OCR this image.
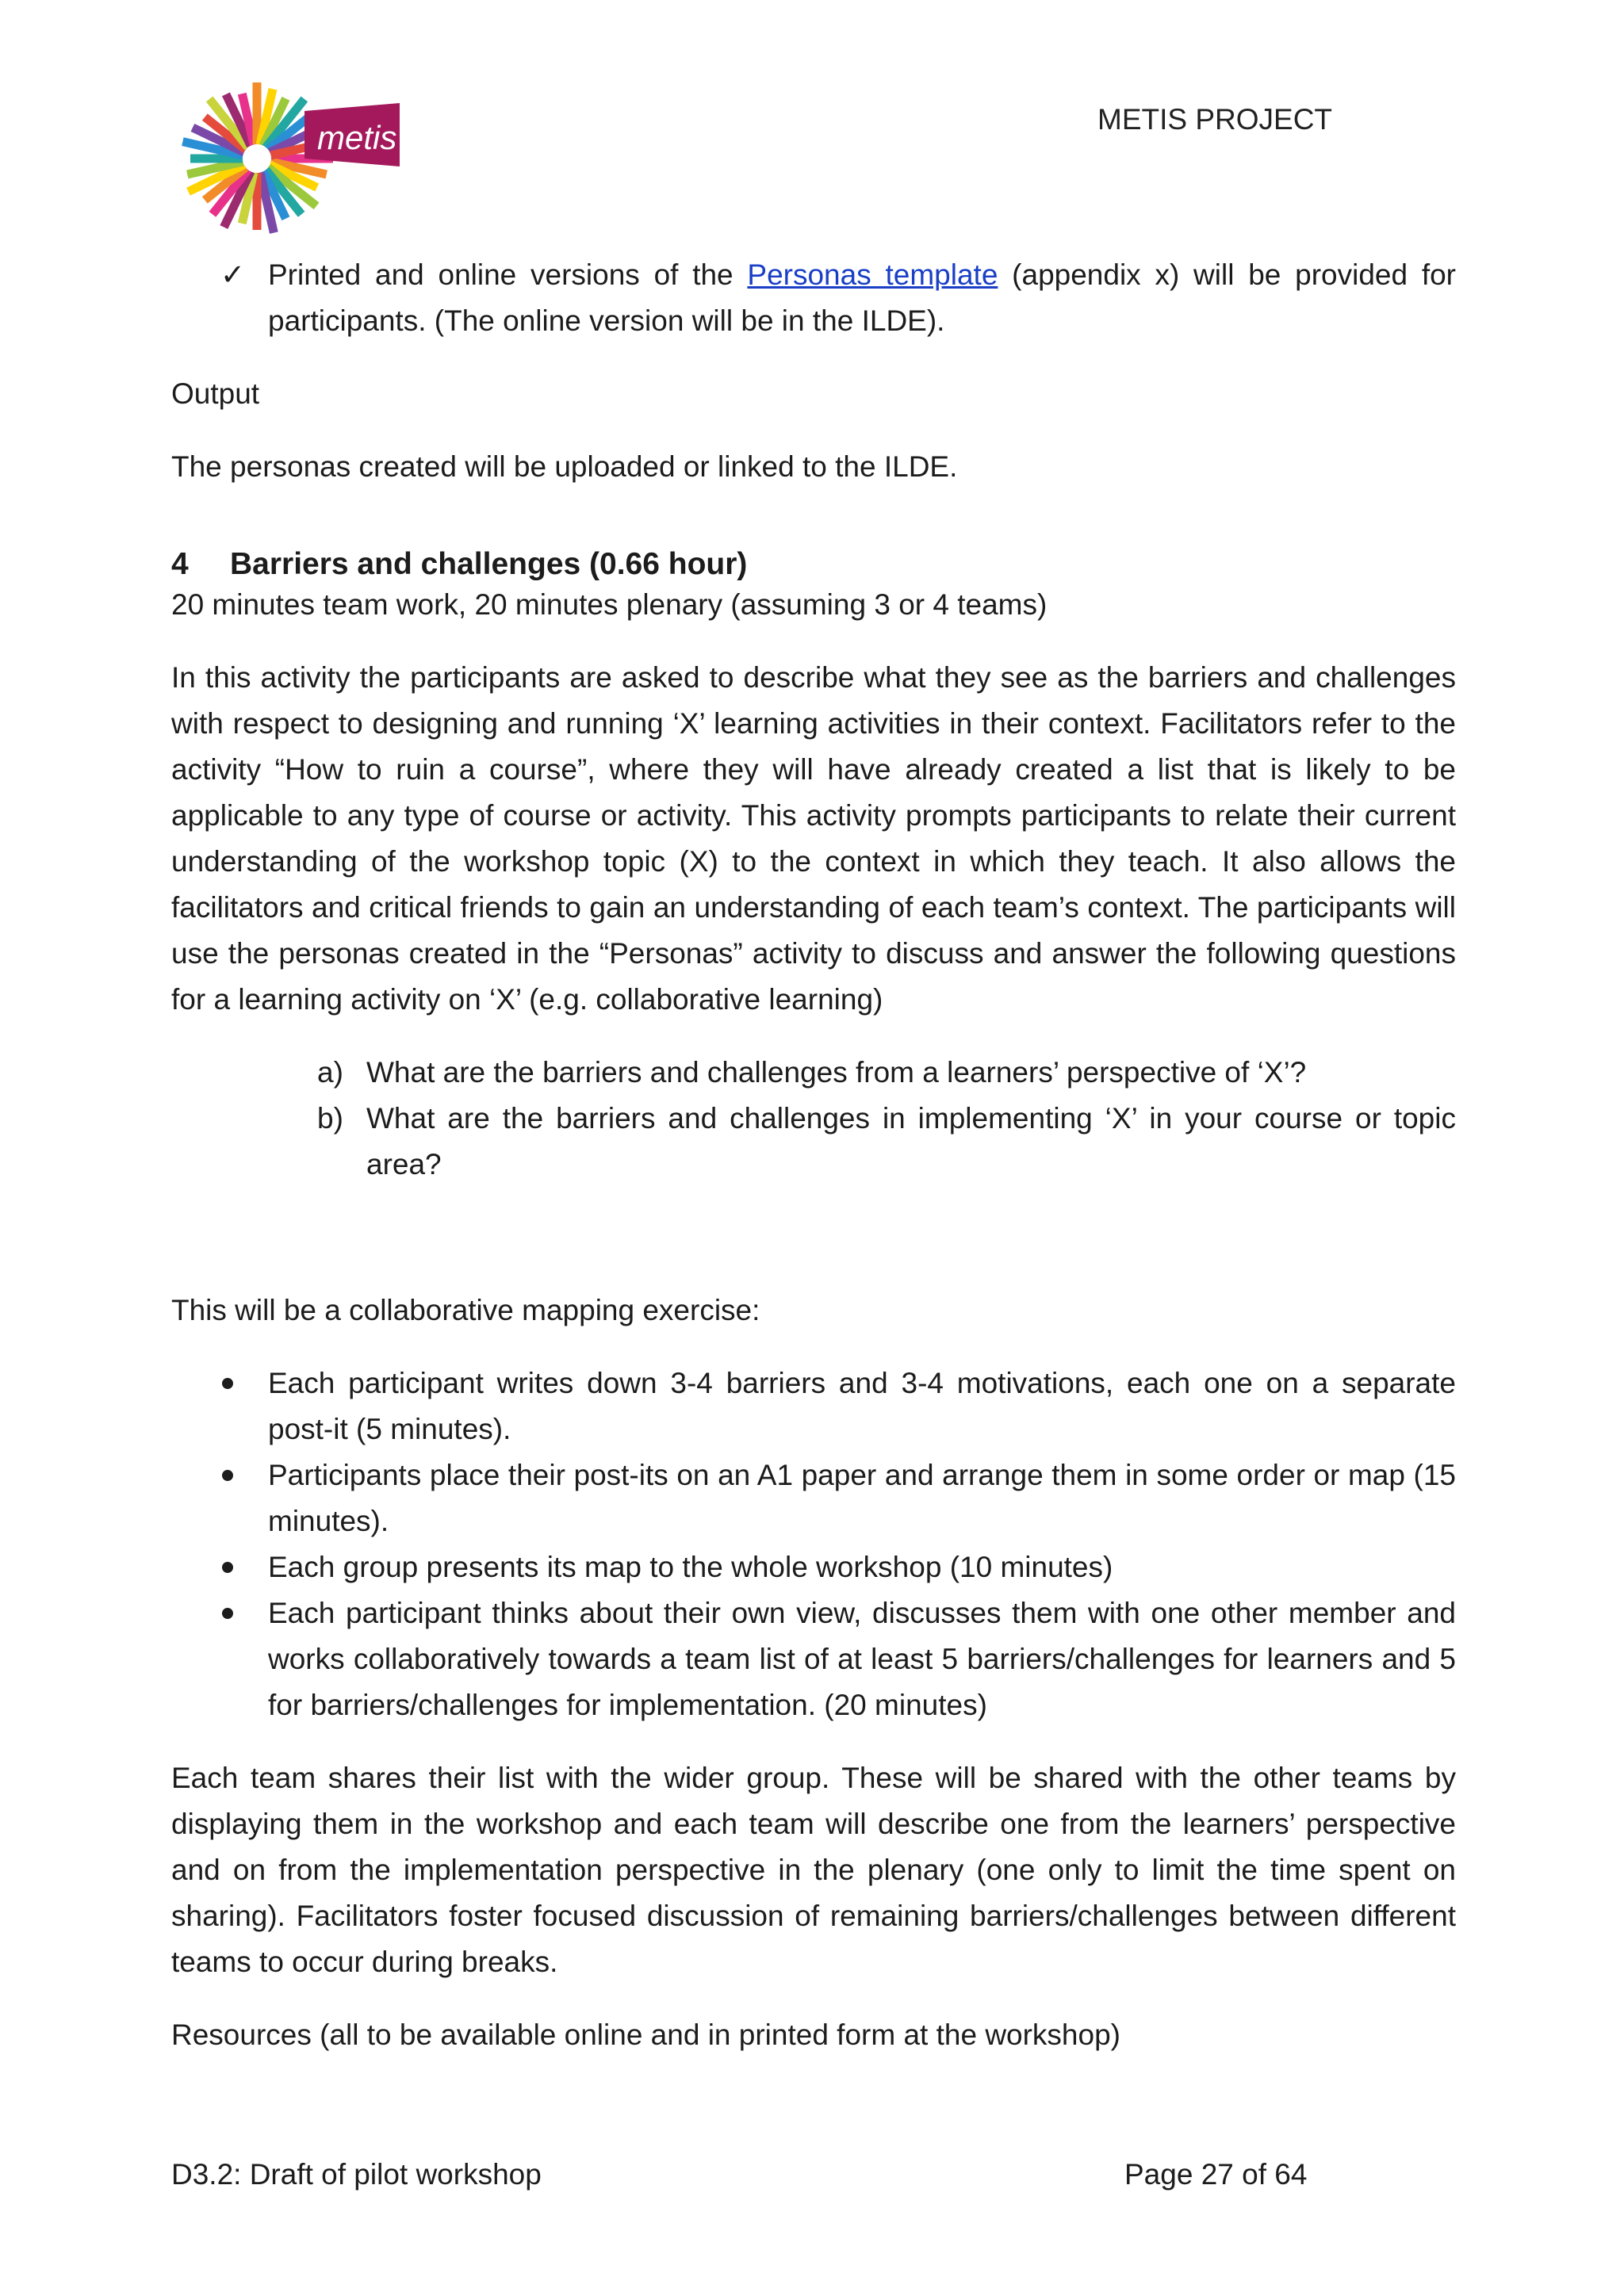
metis	METIS PROJECT
✓ Printed and online versions of the Personas template (appendix x) will be provided for participants. (The online version will be in the ILDE).

Output

The personas created will be uploaded or linked to the ILDE.

4 Barriers and challenges (0.66 hour)

20 minutes team work, 20 minutes plenary (assuming 3 or 4 teams)

In this activity the participants are asked to describe what they see as the barriers and challenges with respect to designing and running ‘X’ learning activities in their context. Facilitators refer to the activity “How to ruin a course”, where they will have already created a list that is likely to be applicable to any type of course or activity. This activity prompts participants to relate their current understanding of the workshop topic (X) to the context in which they teach. It also allows the facilitators and critical friends to gain an understanding of each team’s context. The participants will use the personas created in the “Personas” activity to discuss and answer the following questions for a learning activity on ‘X’ (e.g. collaborative learning)

a) What are the barriers and challenges from a learners’ perspective of ‘X’?
b) What are the barriers and challenges in implementing ‘X’ in your course or topic area?

This will be a collaborative mapping exercise:

Each participant writes down 3-4 barriers and 3-4 motivations, each one on a separate post-it (5 minutes).
Participants place their post-its on an A1 paper and arrange them in some order or map (15 minutes).
Each group presents its map to the whole workshop (10 minutes)
Each participant thinks about their own view, discusses them with one other member and works collaboratively towards a team list of at least 5 barriers/challenges for learners and 5 for barriers/challenges for implementation. (20 minutes)

Each team shares their list with the wider group. These will be shared with the other teams by displaying them in the workshop and each team will describe one from the learners’ perspective and on from the implementation perspective in the plenary (one only to limit the time spent on sharing). Facilitators foster focused discussion of remaining barriers/challenges between different teams to occur during breaks.

Resources (all to be available online and in printed form at the workshop)

D3.2: Draft of pilot workshop	Page 27 of 64
